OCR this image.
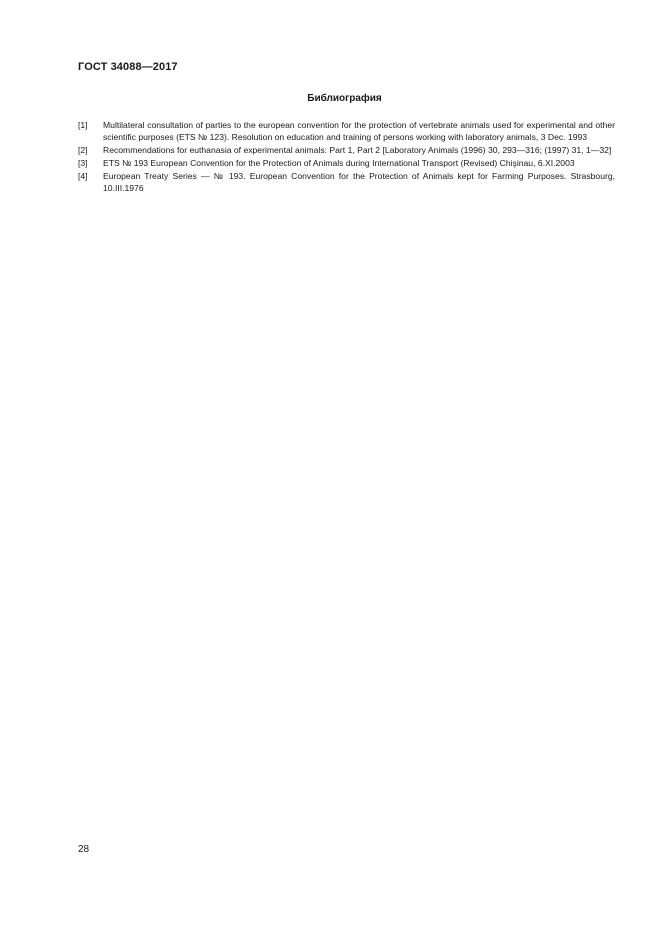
ГОСТ 34088—2017
Библиография
[1] Multilateral consultation of parties to the european convention for the protection of vertebrate animals used for experimental and other scientific purposes (ETS № 123). Resolution on education and training of persons working with laboratory animals, 3 Dec. 1993
[2] Recommendations for euthanasia of experimental animals: Part 1, Part 2 [Laboratory Animals (1996) 30, 293—316; (1997) 31, 1—32]
[3] ETS № 193 European Convention for the Protection of Animals during International Transport (Revised) Chişinau, 6.XI.2003
[4] European Treaty Series — № 193. European Convention for the Protection of Animals kept for Farming Purposes. Strasbourg, 10.III.1976
28
